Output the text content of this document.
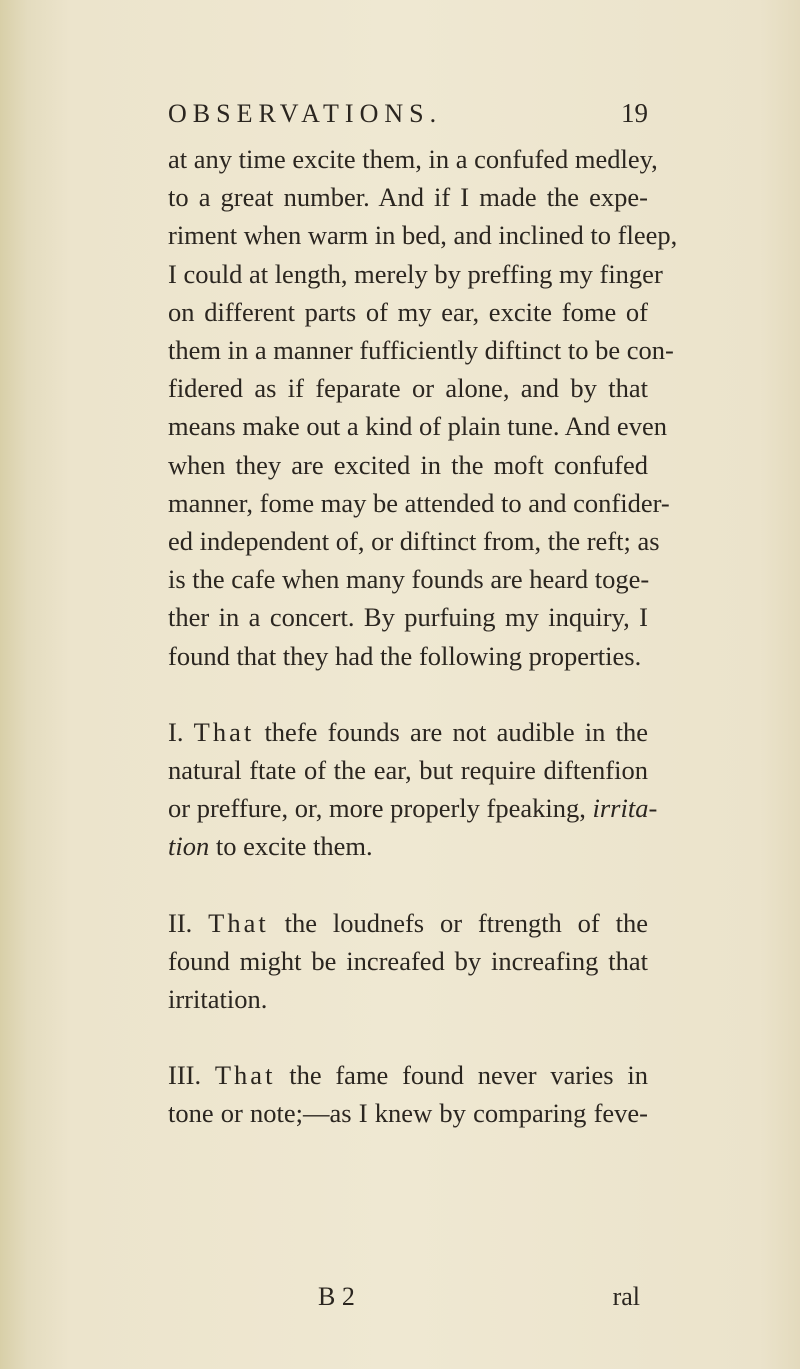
OBSERVATIONS.	19
at any time excite them, in a confufed medley,
to a great number. And if I made the expe-
riment when warm in bed, and inclined to fleep,
I could at length, merely by preffing my finger
on different parts of my ear, excite fome of
them in a manner fufficiently diftinct to be con-
fidered as if feparate or alone, and by that
means make out a kind of plain tune. And even
when they are excited in the moft confufed
manner, fome may be attended to and confider-
ed independent of, or diftinct from, the reft; as
is the cafe when many founds are heard toge-
ther in a concert. By purfuing my inquiry, I
found that they had the following properties.
I. That thefe founds are not audible in the
natural ftate of the ear, but require diftenfion
or preffure, or, more properly fpeaking, irrita-
tion to excite them.
II. That the loudnefs or ftrength of the
found might be increafed by increafing that
irritation.
III. That the fame found never varies in
tone or note;—as I knew by comparing feve-
B 2	ral
